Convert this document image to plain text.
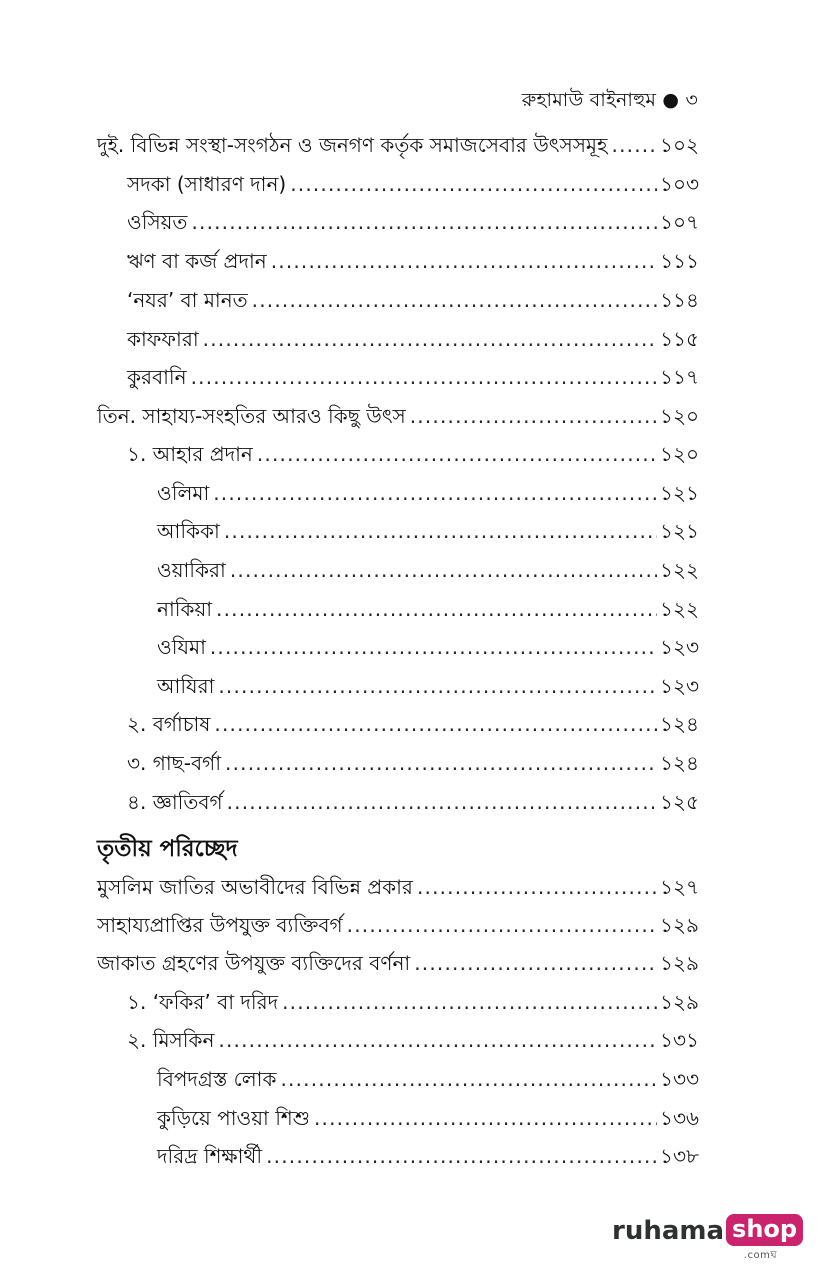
রুহামাউ বাইনাহুম ● ৩
দুই. বিভিন্ন সংস্থা-সংগঠন ও জনগণ কর্তৃক সমাজসেবার উৎসসমূহ .....	১০২
সদকা (সাধারণ দান) .....	১০৩
ওসিয়ত .....	১০৭
ঋণ বা কর্জ প্রদান .....	১১১
‘নযর’ বা মানত .....	১১৪
কাফফারা .....	১১৫
কুরবানি .....	১১৭
তিন. সাহায্য-সংহতির আরও কিছু উৎস .....	১২০
১. আহার প্রদান .....	১২০
ওলিমা .....	১২১
আকিকা .....	১২১
ওয়াকিরা .....	১২২
নাকিয়া .....	১২২
ওযিমা .....	১২৩
আযিরা .....	১২৩
২. বর্গাচাষ .....	১২৪
৩. গাছ-বর্গা .....	১২৪
৪. জ্ঞাতিবর্গ .....	১২৫
তৃতীয় পরিচ্ছেদ
মুসলিম জাতির অভাবীদের বিভিন্ন প্রকার .....	১২৭
সাহায্যপ্রাপ্তির উপযুক্ত ব্যক্তিবর্গ .....	১২৯
জাকাত গ্রহণের উপযুক্ত ব্যক্তিদের বর্ণনা .....	১২৯
১. ‘ফকির’ বা দরিদ .....	১২৯
২. মিসকিন .....	১৩১
বিপদগ্রস্ত লোক .....	১৩৩
কুড়িয়ে পাওয়া শিশু .....	১৩৬
দরিদ্র শিক্ষার্থী .....	১৩৮
ruhama shop
.comঘ
